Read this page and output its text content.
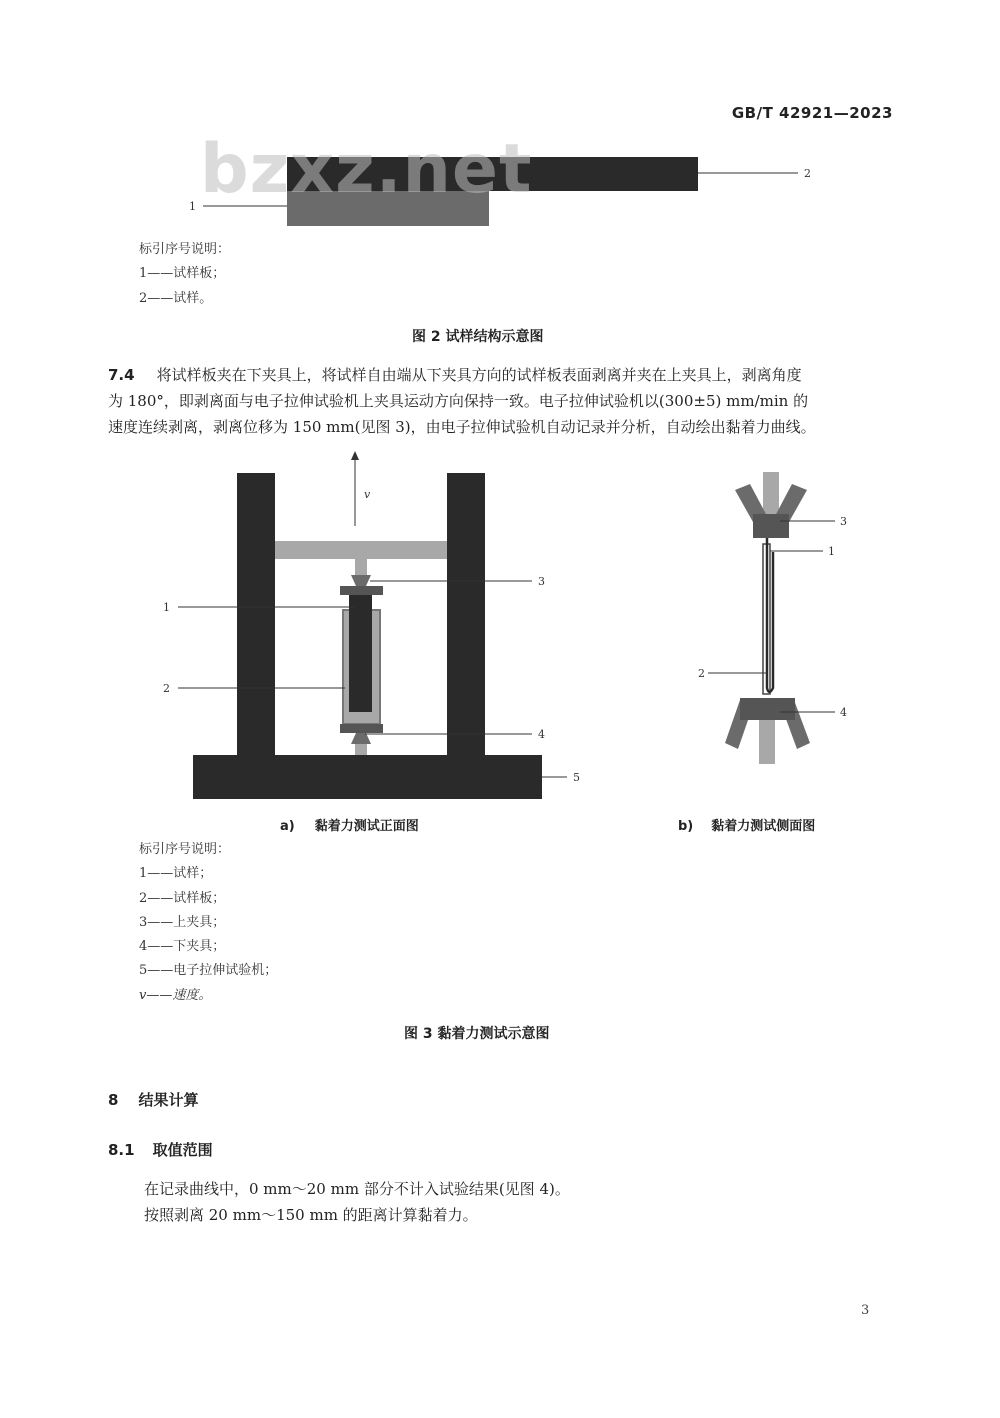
GB/T 42921—2023
1
2
bzxz.net
标引序号说明：
1——试样板；
2——试样。
图 2 试样结构示意图
7.4 将试样板夹在下夹具上，将试样自由端从下夹具方向的试样板表面剥离并夹在上夹具上，剥离角度
为 180°，即剥离面与电子拉伸试验机上夹具运动方向保持一致。电子拉伸试验机以(300±5) mm/min 的
速度连续剥离，剥离位移为 150 mm(见图 3)，由电子拉伸试验机自动记录并分析，自动绘出黏着力曲线。
v
1
2
3
4
5
3
1
2
4
a) 黏着力测试正面图	b) 黏着力测试侧面图
标引序号说明：
1——试样；
2——试样板；
3——上夹具；
4——下夹具；
5——电子拉伸试验机；
v——速度。
图 3 黏着力测试示意图
8 结果计算
8.1 取值范围
在记录曲线中，0 mm～20 mm 部分不计入试验结果(见图 4)。
按照剥离 20 mm～150 mm 的距离计算黏着力。
3
